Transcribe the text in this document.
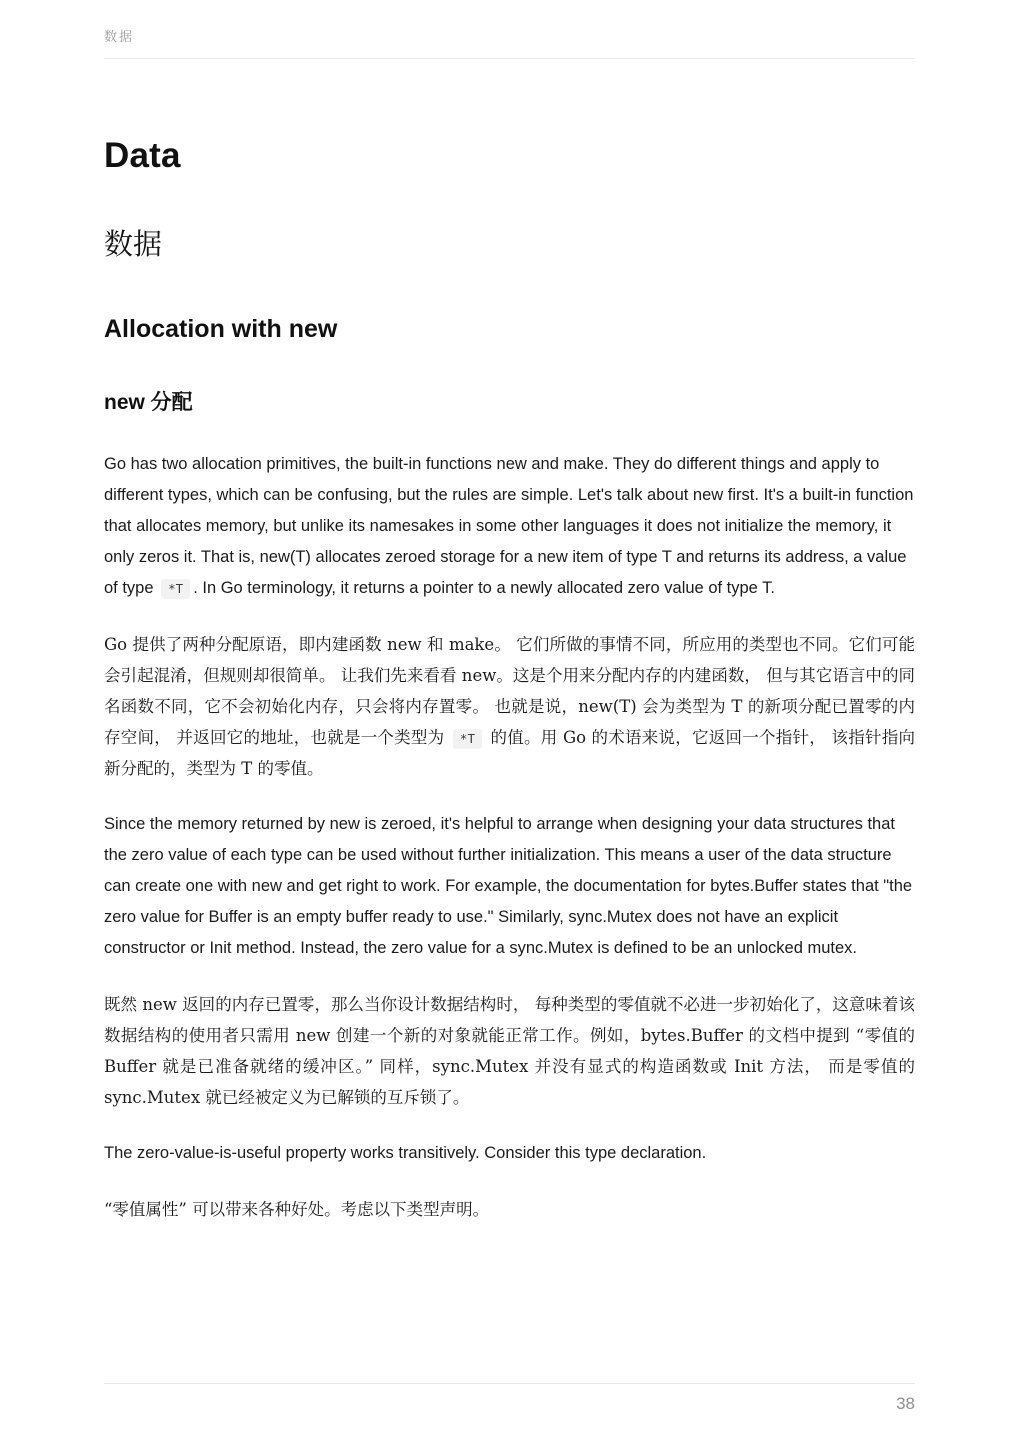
数据
Data
数据
Allocation with new
new 分配

Go has two allocation primitives, the built-in functions new and make. They do different things and apply to different types, which can be confusing, but the rules are simple. Let's talk about new first. It's a built-in function that allocates memory, but unlike its namesakes in some other languages it does not initialize the memory, it only zeros it. That is, new(T) allocates zeroed storage for a new item of type T and returns its address, a value of type *T . In Go terminology, it returns a pointer to a newly allocated zero value of type T.

Go 提供了两种分配原语，即内建函数 new 和 make。 它们所做的事情不同，所应用的类型也不同。它们可能会引起混淆，但规则却很简单。 让我们先来看看 new。这是个用来分配内存的内建函数， 但与其它语言中的同名函数不同，它不会初始化内存，只会将内存置零。 也就是说，new(T) 会为类型为 T 的新项分配已置零的内存空间， 并返回它的地址，也就是一个类型为 *T 的值。用 Go 的术语来说，它返回一个指针， 该指针指向新分配的，类型为 T 的零值。

Since the memory returned by new is zeroed, it's helpful to arrange when designing your data structures that the zero value of each type can be used without further initialization. This means a user of the data structure can create one with new and get right to work. For example, the documentation for bytes.Buffer states that "the zero value for Buffer is an empty buffer ready to use." Similarly, sync.Mutex does not have an explicit constructor or Init method. Instead, the zero value for a sync.Mutex is defined to be an unlocked mutex.

既然 new 返回的内存已置零，那么当你设计数据结构时， 每种类型的零值就不必进一步初始化了，这意味着该数据结构的使用者只需用 new 创建一个新的对象就能正常工作。例如，bytes.Buffer 的文档中提到 “零值的 Buffer 就是已准备就绪的缓冲区。” 同样，sync.Mutex 并没有显式的构造函数或 Init 方法， 而是零值的 sync.Mutex 就已经被定义为已解锁的互斥锁了。

The zero-value-is-useful property works transitively. Consider this type declaration.

“零值属性” 可以带来各种好处。考虑以下类型声明。

38
